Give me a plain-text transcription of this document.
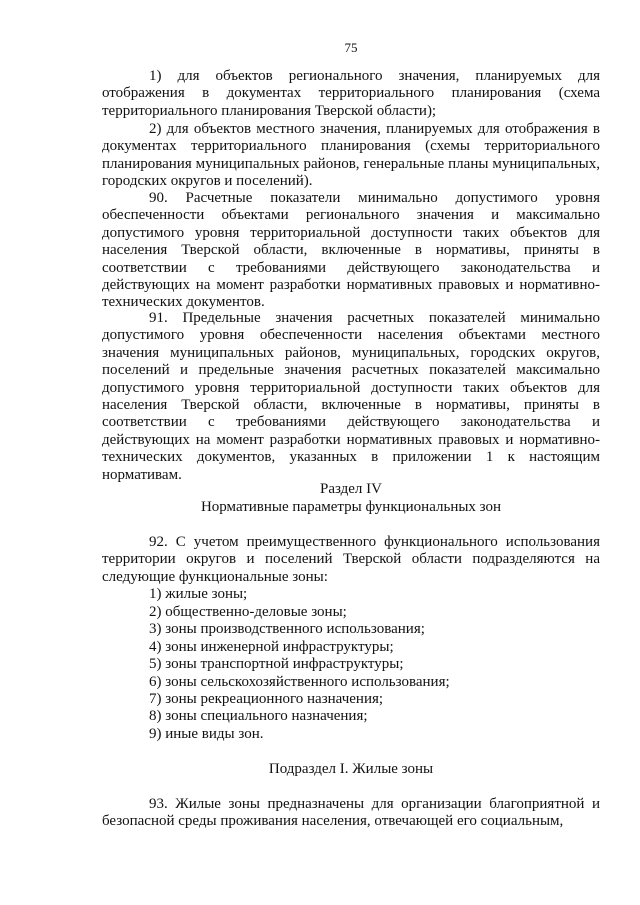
75
1) для объектов регионального значения, планируемых для отображения в документах территориального планирования (схема территориального планирования Тверской области);
2) для объектов местного значения, планируемых для отображения в документах территориального планирования (схемы территориального планирования муниципальных районов, генеральные планы муниципальных, городских округов и поселений).
90. Расчетные показатели минимально допустимого уровня обеспеченности объектами регионального значения и максимально допустимого уровня территориальной доступности таких объектов для населения Тверской области, включенные в нормативы, приняты в соответствии с требованиями действующего законодательства и действующих на момент разработки нормативных правовых и нормативно-технических документов.
91. Предельные значения расчетных показателей минимально допустимого уровня обеспеченности населения объектами местного значения муниципальных районов, муниципальных, городских округов, поселений и предельные значения расчетных показателей максимально допустимого уровня территориальной доступности таких объектов для населения Тверской области, включенные в нормативы, приняты в соответствии с требованиями действующего законодательства и действующих на момент разработки нормативных правовых и нормативно-технических документов, указанных в приложении 1 к настоящим нормативам.
Раздел IV
Нормативные параметры функциональных зон
92. С учетом преимущественного функционального использования территории округов и поселений Тверской области подразделяются на следующие функциональные зоны:
1) жилые зоны;
2) общественно-деловые зоны;
3) зоны производственного использования;
4) зоны инженерной инфраструктуры;
5) зоны транспортной инфраструктуры;
6) зоны сельскохозяйственного использования;
7) зоны рекреационного назначения;
8) зоны специального назначения;
9) иные виды зон.
Подраздел I. Жилые зоны
93. Жилые зоны предназначены для организации благоприятной и безопасной среды проживания населения, отвечающей его социальным,
